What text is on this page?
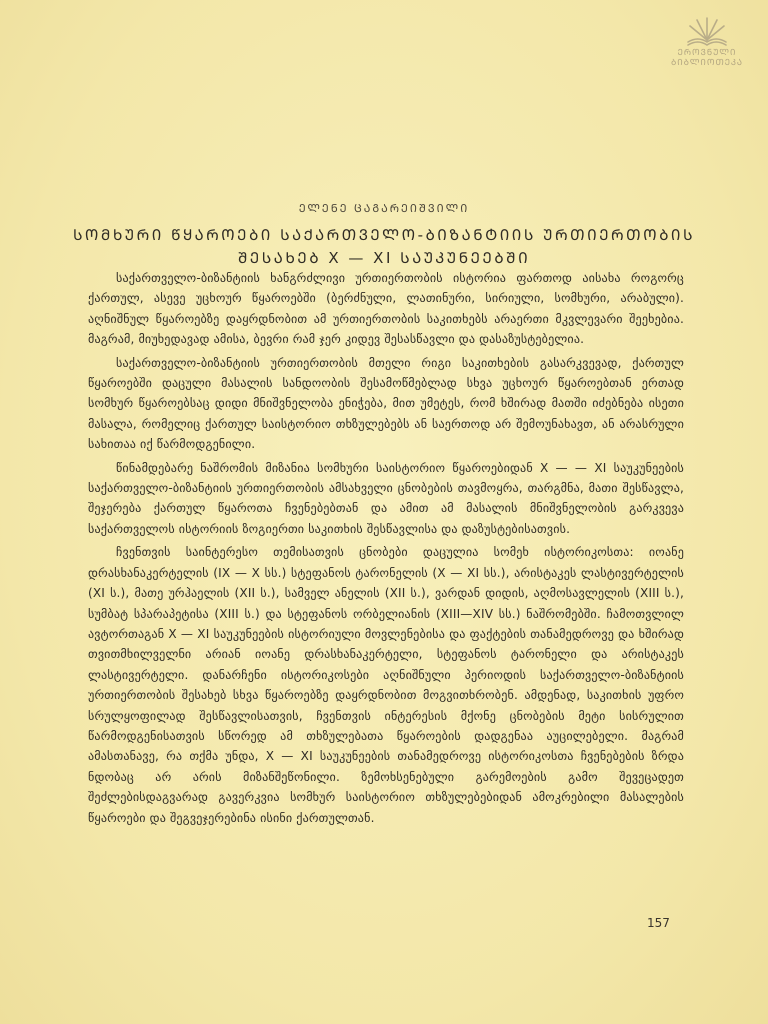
ᲔᲠᲝᲕᲜᲣᲚᲘ ᲑᲘᲑᲚᲘᲝᲗᲔᲙᲐ
ᲔᲚᲔᲜᲔ ᲪᲐᲒᲐᲠᲔᲘᲨᲕᲘᲚᲘ
ᲡᲝᲛᲮᲣᲠᲘ ᲬᲧᲐᲠᲝᲔᲑᲘ ᲡᲐᲥᲐᲠᲗᲕᲔᲚᲝ-ᲑᲘᲖᲐᲜᲢᲘᲘᲡ ᲣᲠᲗᲘᲔᲠᲗᲝᲑᲘᲡ
ᲨᲔᲡᲐᲮᲔᲑ X — XI ᲡᲐᲣᲙᲣᲜᲔᲔᲑᲨᲘ

საქართველო-ბიზანტიის ხანგრძლივი ურთიერთობის ისტორია ფართოდ აისახა როგორც ქართულ, ასევე უცხოურ წყაროებში (ბერძნული, ლათინური, სირიული, სომხური, არაბული). აღნიშნულ წყაროებზე დაყრდნობით ამ ურთიერთობის საკითხებს არაერთი მკვლევარი შეეხებია. მაგრამ, მიუხედავად ამისა, ბევრი რამ ჯერ კიდევ შესასწავლი და დასაზუსტებელია.

საქართველო-ბიზანტიის ურთიერთობის მთელი რიგი საკითხების გასარკვევად, ქართულ წყაროებში დაცული მასალის სანდოობის შესამოწმებლად სხვა უცხოურ წყაროებთან ერთად სომხურ წყაროებსაც დიდი მნიშვნელობა ენიჭება, მით უმეტეს, რომ ხშირად მათში იძებნება ისეთი მასალა, რომელიც ქართულ საისტორიო თხზულებებს ან საერთოდ არ შემოუნახავთ, ან არასრული სახითაა იქ წარმოდგენილი.

წინამდებარე ნაშრომის მიზანია სომხური საისტორიო წყაროებიდან X — — XI საუკუნეების საქართველო-ბიზანტიის ურთიერთობის ამსახველი ცნობების თავმოყრა, თარგმნა, მათი შესწავლა, შეჯერება ქართულ წყაროთა ჩვენებებთან და ამით ამ მასალის მნიშვნელობის გარკვევა საქართველოს ისტორიის ზოგიერთი საკითხის შესწავლისა და დაზუსტებისათვის.

ჩვენთვის საინტერესო თემისათვის ცნობები დაცულია სომეხ ისტორიკოსთა: იოანე დრასხანაკერტელის (IX — X სს.) სტეფანოს ტარონელის (X — XI სს.), არისტაკეს ლასტივერტელის (XI ს.), მათე ურჰაელის (XII ს.), სამველ ანელის (XII ს.), ვარდან დიდის, აღმოსავლელის (XIII ს.), სუმბატ სპარაპეტისა (XIII ს.) და სტეფანოს ორბელიანის (XIII—XIV სს.) ნაშრომებში. ჩამოთვლილ ავტორთაგან X — XI საუკუნეების ისტორიული მოვლენებისა და ფაქტების თანამედროვე და ხშირად თვითმხილველნი არიან იოანე დრასხანაკერტელი, სტეფანოს ტარონელი და არისტაკეს ლასტივერტელი. დანარჩენი ისტორიკოსები აღნიშნული პერიოდის საქართველო-ბიზანტიის ურთიერთობის შესახებ სხვა წყაროებზე დაყრდნობით მოგვითხრობენ. ამდენად, საკითხის უფრო სრულყოფილად შესწავლისათვის, ჩვენთვის ინტერესის მქონე ცნობების მეტი სისრულით წარმოდგენისათვის სწორედ ამ თხზულებათა წყაროების დადგენაა აუცილებელი. მაგრამ ამასთანავე, რა თქმა უნდა, X — XI საუკუნეების თანამედროვე ისტორიკოსთა ჩვენებების ზრდა ნდობაც არ არის მიზანშეწონილი. ზემოხსენებული გარემოების გამო შევეცადეთ შეძლებისდაგვარად გავერკვია სომხურ საისტორიო თხზულებებიდან ამოკრებილი მასალების წყაროები და შეგვეჯერებინა ისინი ქართულთან.

157
